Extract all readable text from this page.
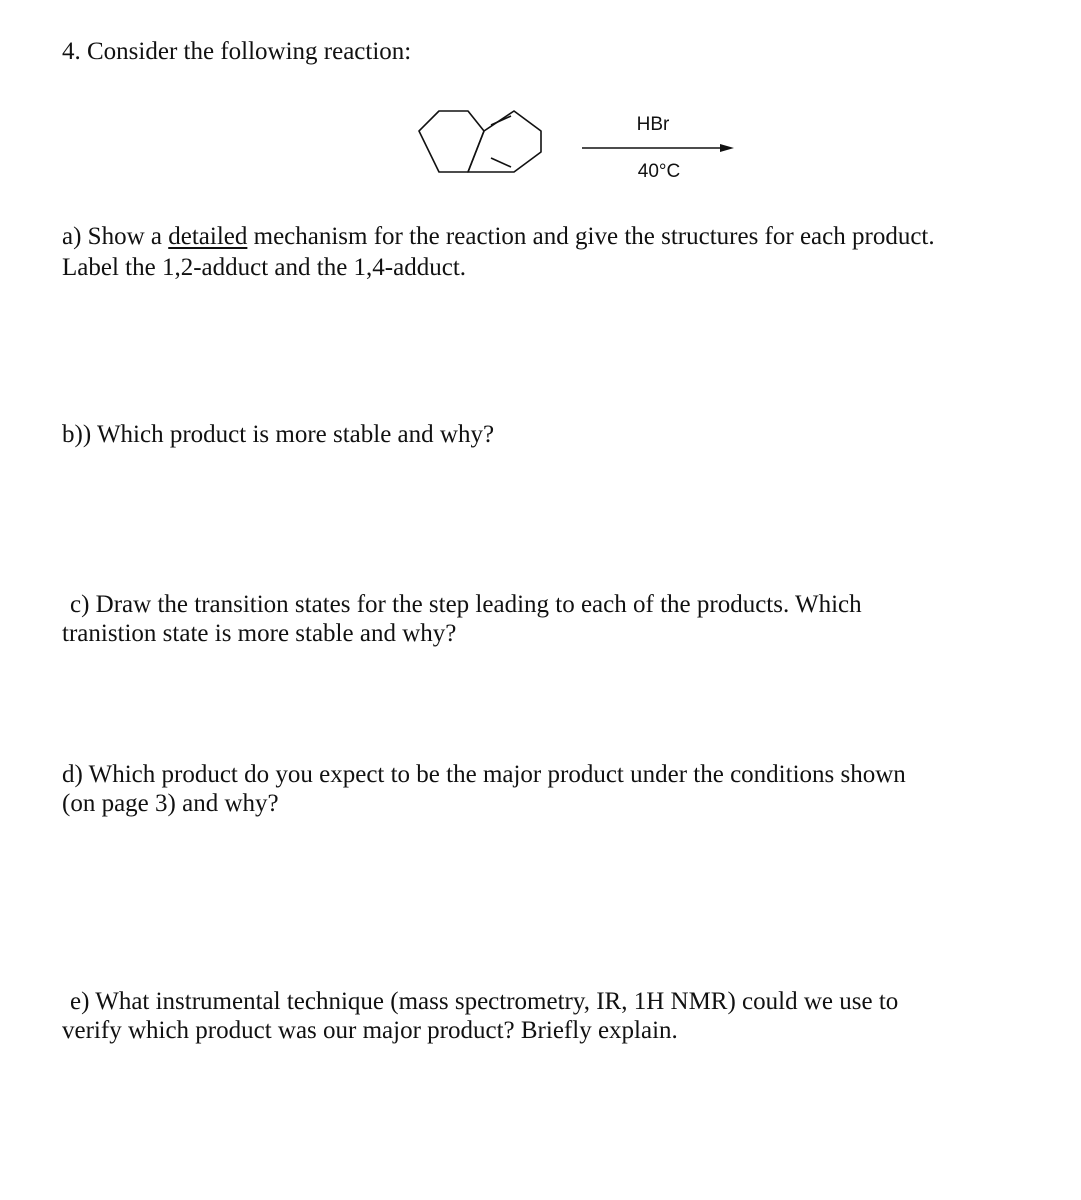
4. Consider the following reaction:
HBr
40°C
a) Show a detailed mechanism for the reaction and give the structures for each product.
Label the 1,2-adduct and the 1,4-adduct.
b)) Which product is more stable and why?
c) Draw the transition states for the step leading to each of the products. Which
tranistion state is more stable and why?
d) Which product do you expect to be the major product under the conditions shown
(on page 3) and why?
e) What instrumental technique (mass spectrometry, IR, 1H NMR) could we use to
verify which product was our major product? Briefly explain.
